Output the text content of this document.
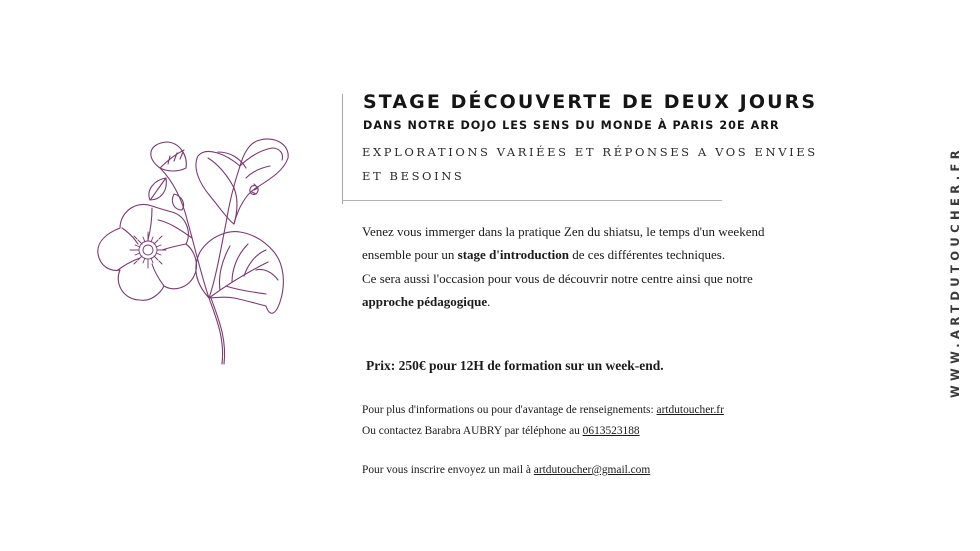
STAGE DÉCOUVERTE DE DEUX JOURS
DANS NOTRE DOJO LES SENS DU MONDE À PARIS 20E ARR
EXPLORATIONS VARIÉES ET RÉPONSES A VOS ENVIES ET BESOINS

Venez vous immerger dans la pratique Zen du shiatsu, le temps d'un weekend ensemble pour un stage d'introduction de ces différentes techniques.

Ce sera aussi l'occasion pour vous de découvrir notre centre ainsi que notre approche pédagogique.

Prix: 250€ pour 12H de formation sur un week-end.
Pour plus d'informations ou pour d'avantage de renseignements: artdutoucher.fr
Ou contactez Barabra AUBRY par téléphone au 0613523188
Pour vous inscrire envoyez un mail à artdutoucher@gmail.com
WWW.ARTDUTOUCHER.FR
